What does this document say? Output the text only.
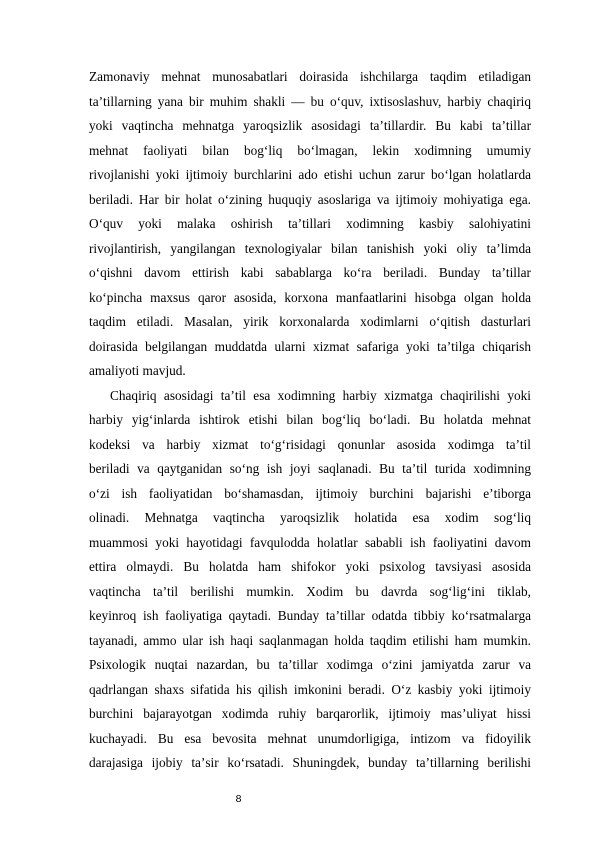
Zamonaviy mehnat munosabatlari doirasida ishchilarga taqdim etiladigan
taʼtillarning yana bir muhim shakli — bu oʻquv, ixtisoslashuv, harbiy chaqiriq
yoki vaqtincha mehnatga yaroqsizlik asosidagi taʼtillardir. Bu kabi taʼtillar
mehnat faoliyati bilan bogʻliq boʻlmagan, lekin xodimning umumiy
rivojlanishi yoki ijtimoiy burchlarini ado etishi uchun zarur boʻlgan holatlarda
beriladi. Har bir holat oʻzining huquqiy asoslariga va ijtimoiy mohiyatiga ega.
Oʻquv yoki malaka oshirish taʼtillari xodimning kasbiy salohiyatini
rivojlantirish, yangilangan texnologiyalar bilan tanishish yoki oliy taʼlimda
oʻqishni davom ettirish kabi sabablarga koʻra beriladi. Bunday taʼtillar
koʻpincha maxsus qaror asosida, korxona manfaatlarini hisobga olgan holda
taqdim etiladi. Masalan, yirik korxonalarda xodimlarni oʻqitish dasturlari
doirasida belgilangan muddatda ularni xizmat safariga yoki taʼtilga chiqarish
amaliyoti mavjud.
Chaqiriq asosidagi taʼtil esa xodimning harbiy xizmatga chaqirilishi yoki
harbiy yigʻinlarda ishtirok etishi bilan bogʻliq boʻladi. Bu holatda mehnat
kodeksi va harbiy xizmat toʻgʻrisidagi qonunlar asosida xodimga taʼtil
beriladi va qaytganidan soʻng ish joyi saqlanadi. Bu taʼtil turida xodimning
oʻzi ish faoliyatidan boʻshamasdan, ijtimoiy burchini bajarishi eʼtiborga
olinadi. Mehnatga vaqtincha yaroqsizlik holatida esa xodim sogʻliq
muammosi yoki hayotidagi favqulodda holatlar sababli ish faoliyatini davom
ettira olmaydi. Bu holatda ham shifokor yoki psixolog tavsiyasi asosida
vaqtincha taʼtil berilishi mumkin. Xodim bu davrda sogʻligʻini tiklab,
keyinroq ish faoliyatiga qaytadi. Bunday taʼtillar odatda tibbiy koʻrsatmalarga
tayanadi, ammo ular ish haqi saqlanmagan holda taqdim etilishi ham mumkin.
Psixologik nuqtai nazardan, bu taʼtillar xodimga oʻzini jamiyatda zarur va
qadrlangan shaxs sifatida his qilish imkonini beradi. Oʻz kasbiy yoki ijtimoiy
burchini bajarayotgan xodimda ruhiy barqarorlik, ijtimoiy masʼuliyat hissi
kuchayadi. Bu esa bevosita mehnat unumdorligiga, intizom va fidoyilik
darajasiga ijobiy taʼsir koʻrsatadi. Shuningdek, bunday taʼtillarning berilishi
8
